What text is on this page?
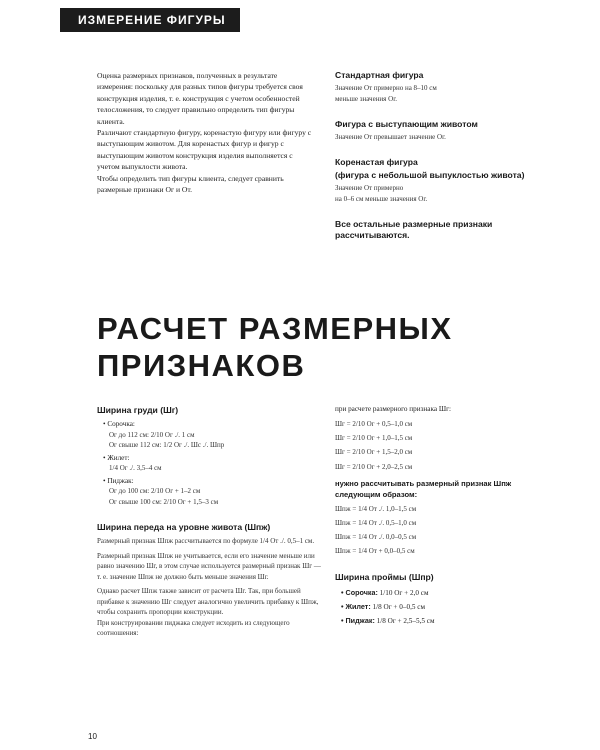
ИЗМЕРЕНИЕ ФИГУРЫ

Оценка размерных признаков, полученных в результате измерения: поскольку для разных типов фигуры требуется своя конструкция изделия, т. е. конструкция с учетом особенностей телосложения, то следует правильно определить тип фигуры клиента.

Различают стандартную фигуру, коренастую фигуру или фигуру с выступающим животом. Для коренастых фигур и фигур с выступающим животом конструкция изделия выполняется с учетом выпуклости живота.

Чтобы определить тип фигуры клиента, следует сравнить размерные признаки Ог и От.

Стандартная фигура

Значение От примерно на 8–10 см

меньше значения Ог.

Фигура с выступающим животом

Значение От превышает значение Ог.

Коренастая фигура

(фигура с небольшой выпуклостью живота)

Значение От примерно

на 0–6 см меньше значения Ог.

Все остальные размерные признаки рассчитываются.

РАСЧЕТ РАЗМЕРНЫХ ПРИЗНАКОВ

Ширина груди (Шг)

• Сорочка:

Ог до 112 см: 2/10 Ог ./. 1 см

Ог свыше 112 см: 1/2 Ог ./. Шс ./. Шпр

• Жилет:

1/4 Ог ./. 3,5–4 см

• Пиджак:

Ог до 100 см: 2/10 Ог + 1–2 см

Ог свыше 100 см: 2/10 Ог + 1,5–3 см

Ширина переда на уровне живота (Шпж)

Размерный признак Шпж рассчитывается по формуле 1/4 От ./. 0,5–1 см.

Размерный признак Шпж не учитывается, если его значение меньше или равно значению Шг, в этом случае используется размерный признак Шг — т. е. значение Шпж не должно быть меньше значения Шг.

Однако расчет Шпж также зависит от расчета Шг. Так, при большей прибавке к значению Шг следует аналогично увеличить прибавку к Шпж, чтобы сохранить пропорции конструкции.

При конструировании пиджака следует исходить из следующего соотношения:

при расчете размерного признака Шг:

Шг = 2/10 Ог + 0,5–1,0 см

Шг = 2/10 Ог + 1,0–1,5 см

Шг = 2/10 Ог + 1,5–2,0 см

Шг = 2/10 Ог + 2,0–2,5 см

нужно рассчитывать размерный признак Шпж следующим образом:

Шпж = 1/4 От ./. 1,0–1,5 см

Шпж = 1/4 От ./. 0,5–1,0 см

Шпж = 1/4 От ./. 0,0–0,5 см

Шпж = 1/4 От + 0,0–0,5 см

Ширина проймы (Шпр)

• Сорочка: 1/10 Ог + 2,0 см

• Жилет: 1/8 Ог + 0–0,5 см

• Пиджак: 1/8 Ог + 2,5–5,5 см

10
